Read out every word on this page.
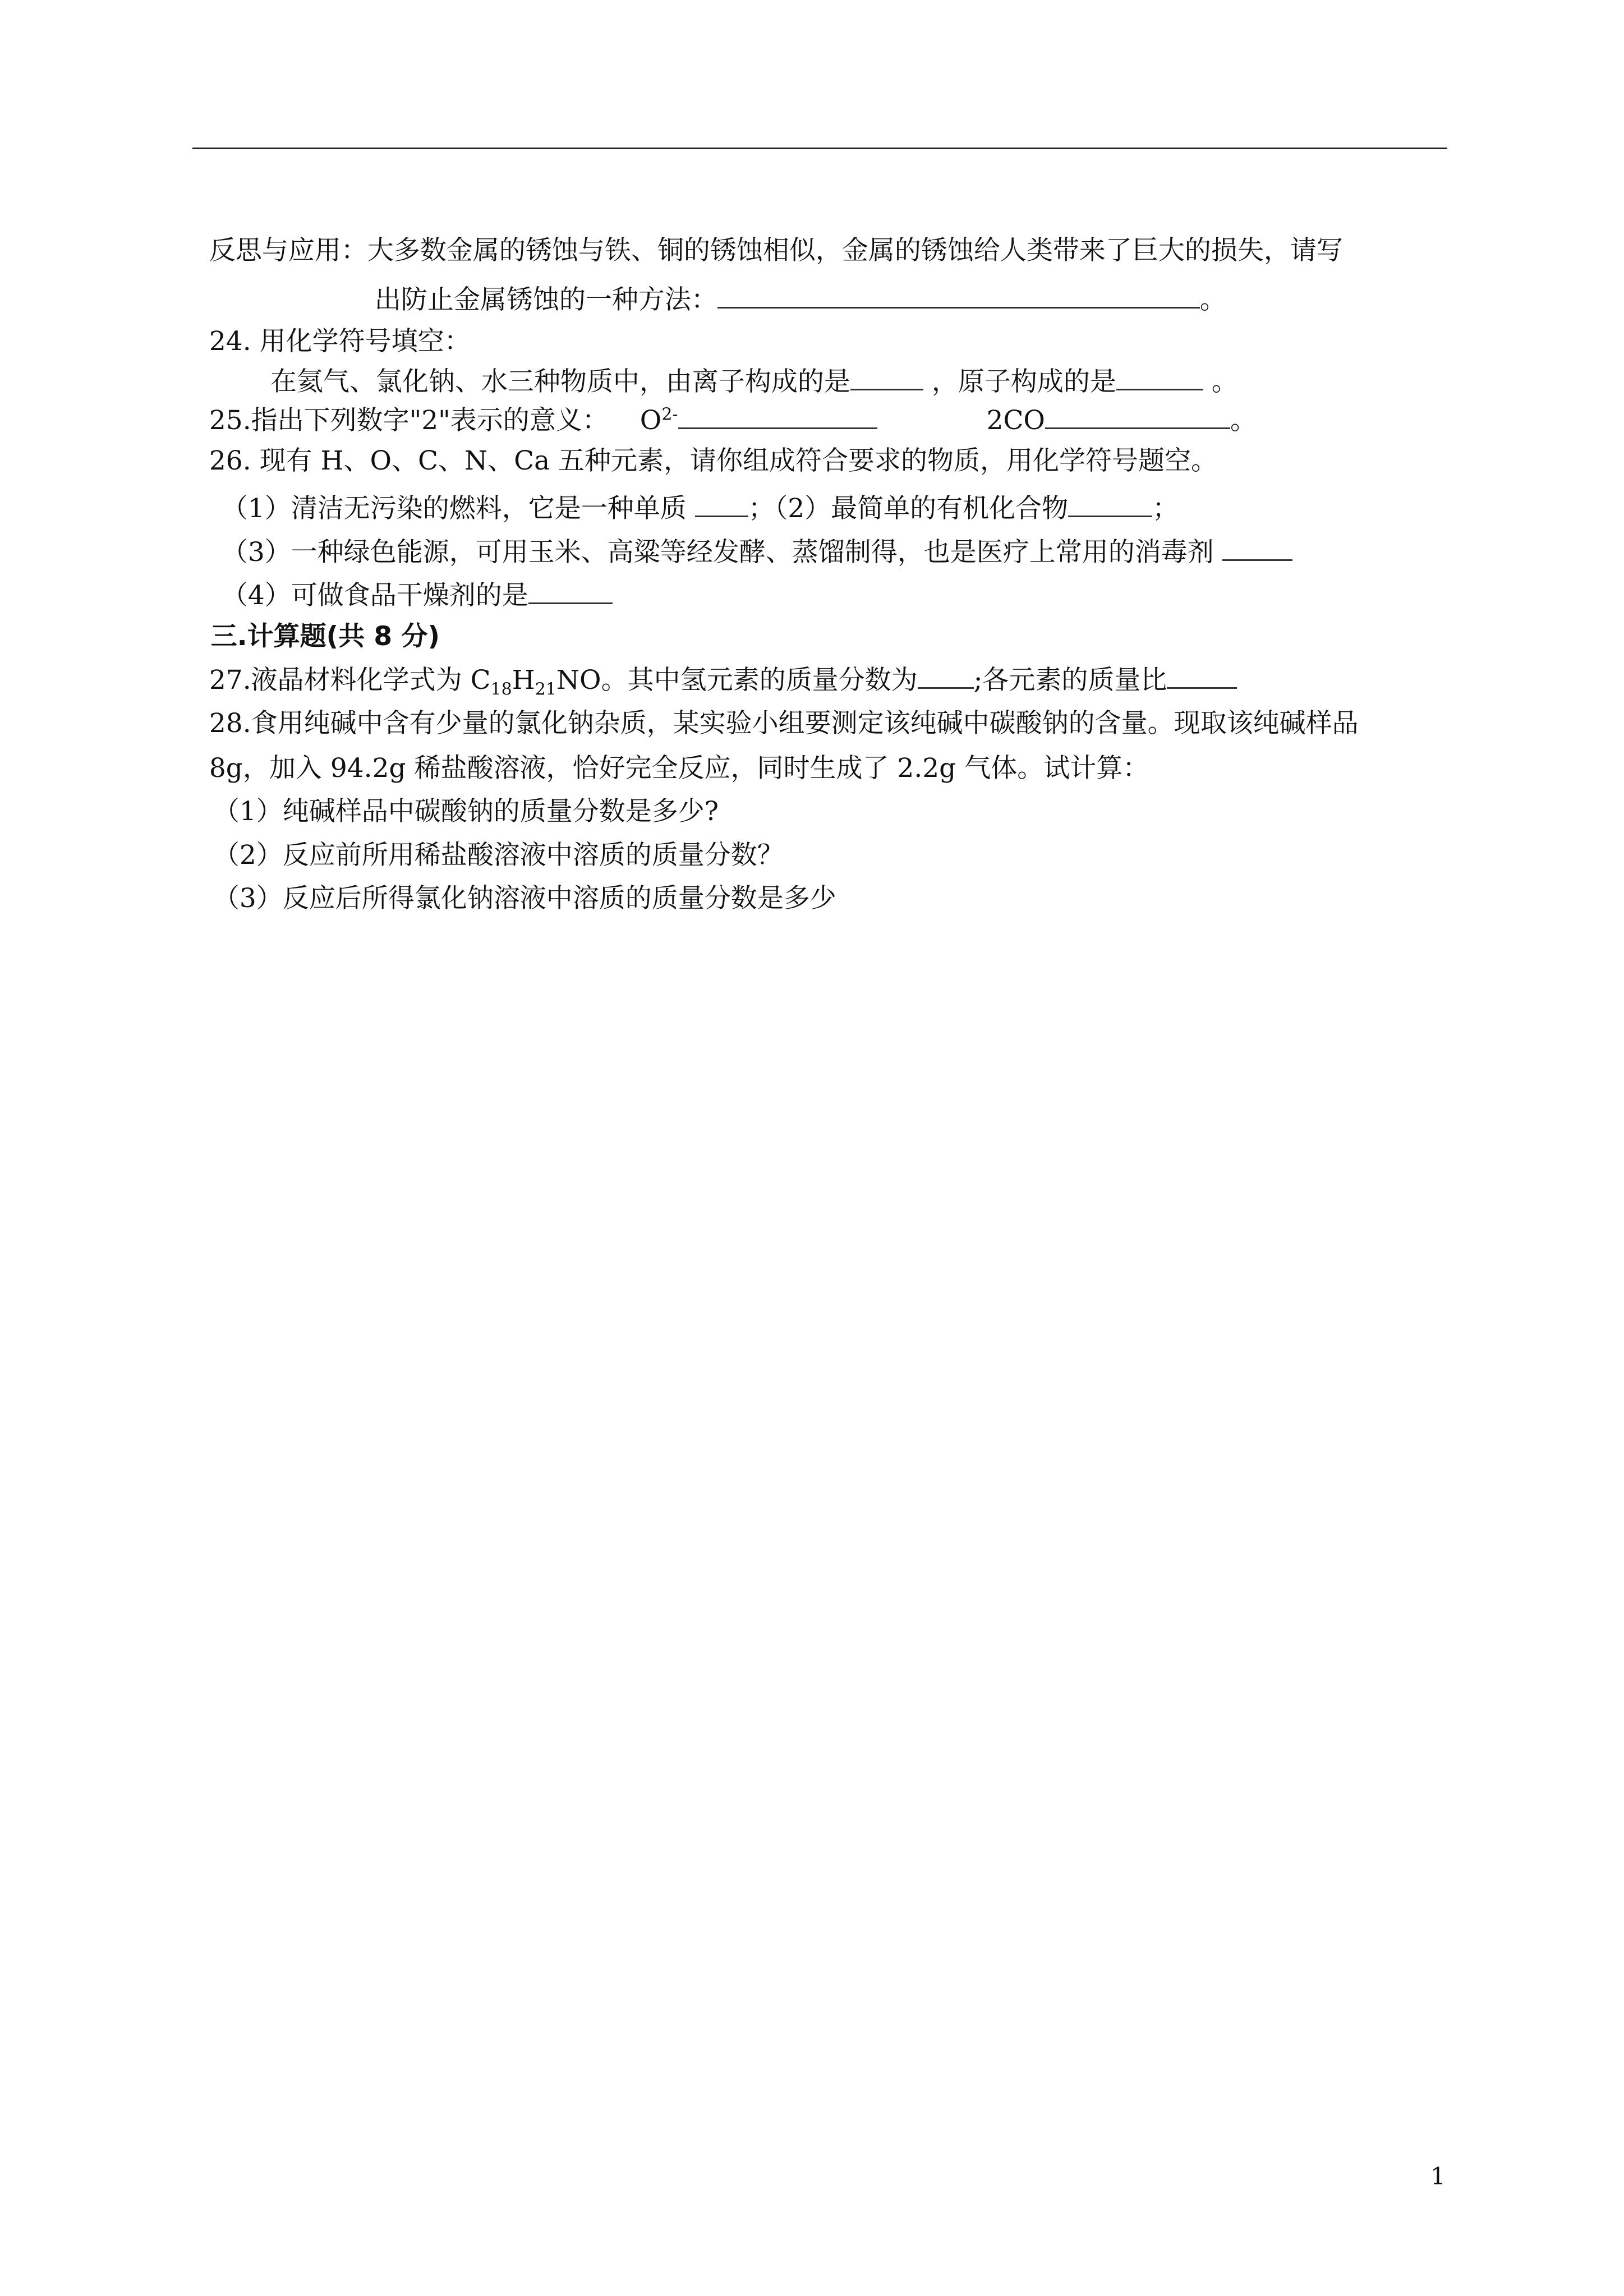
反思与应用：大多数金属的锈蚀与铁、铜的锈蚀相似，金属的锈蚀给人类带来了巨大的损失，请写

出防止金属锈蚀的一种方法：	。

24. 用化学符号填空：

在氦气、氯化钠、水三种物质中，由离子构成的是	，原子构成的是	。

25.指出下列数字"2"表示的意义： $O^{2-}$	2CO	。

26. 现有 H、O、C、N、Ca 五种元素，请你组成符合要求的物质，用化学符号题空。

（1）清洁无污染的燃料，它是一种单质 ；（2）最简单的有机化合物	；

（3）一种绿色能源，可用玉米、高粱等经发酵、蒸馏制得，也是医疗上常用的消毒剂

（4）可做食品干燥剂的是

三.计算题(共 8 分)

27.液晶材料化学式为 $C_{18}H_{21}NO$。其中氢元素的质量分数为 ;各元素的质量比

28.食用纯碱中含有少量的氯化钠杂质，某实验小组要测定该纯碱中碳酸钠的含量。现取该纯碱样品

8g，加入 94.2g 稀盐酸溶液，恰好完全反应，同时生成了 2.2g 气体。试计算：

（1）纯碱样品中碳酸钠的质量分数是多少?

（2）反应前所用稀盐酸溶液中溶质的质量分数？

（3）反应后所得氯化钠溶液中溶质的质量分数是多少

1
